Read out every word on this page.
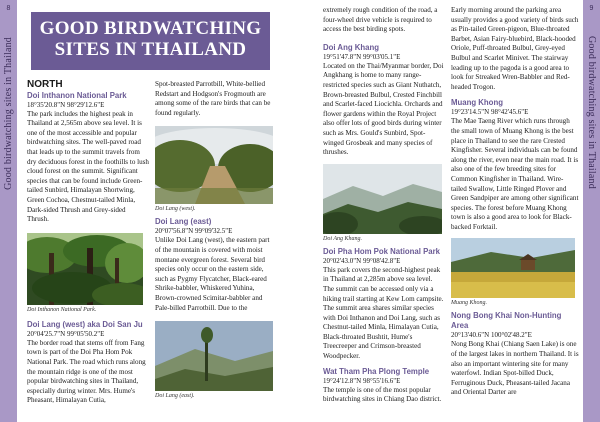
8
Good birdwatching sites in Thailand
9
Good birdwatching sites in Thailand
GOOD BIRDWATCHING SITES IN THAILAND
NORTH
Doi Inthanon National Park
18°35'20.8"N 98°29'12.6"E

The park includes the highest peak in Thailand at 2,565m above sea level. It is one of the most accessible and popular birdwatching sites. The well-paved road that leads up to the summit travels from dry deciduous forest in the foothills to lush cloud forest on the summit. Significant species that can be found include Green-tailed Sunbird, Himalayan Shortwing, Green Cochoa, Chestnut-tailed Minla, Dark-sided Thrush and Grey-sided Thrush.

Doi Inthanon National Park.
Doi Lang (west) aka Doi San Ju
20°04'25.7"N 99°05'50.2"E

The border road that stems off from Fang town is part of the Doi Pha Hom Pok National Park. The road which runs along the mountain ridge is one of the most popular birdwatching sites in Thailand, especially during winter. Mrs. Hume's Pheasant, Himalayan Cutia,

Spot-breasted Parrotbill, White-bellied Redstart and Hodgson's Frogmouth are among some of the rare birds that can be found regularly.

Doi Lang (west).
Doi Lang (east)
20°07'56.8"N 99°09'32.5"E

Unlike Doi Lang (west), the eastern part of the mountain is covered with moist montane evergreen forest. Several bird species only occur on the eastern side, such as Pygmy Flycatcher, Black-eared Shrike-babbler, Whiskered Yuhina, Brown-crowned Scimitar-babbler and Pale-billed Parrotbill. Due to the

Doi Lang (east).

extremely rough condition of the road, a four-wheel drive vehicle is required to access the best birding spots.

Doi Ang Khang
19°51'47.8"N 99°03'05.1"E

Located on the Thai/Myanmar border, Doi Angkhang is home to many range-restricted species such as Giant Nuthatch, Brown-breasted Bulbul, Crested Finchbill and Scarlet-faced Liocichla. Orchards and flower gardens within the Royal Project also offer lots of good birds during winter such as Mrs. Gould's Sunbird, Spot-winged Grosbeak and many species of thrushes.

Doi Ang Khang.
Doi Pha Hom Pok National Park
20°02'43.0"N 99°08'42.8"E

This park covers the second-highest peak in Thailand at 2,285m above sea level. The summit can be accessed only via a hiking trail starting at Kew Lom campsite. The summit area shares similar species with Doi Inthanon and Doi Lang, such as Chestnut-tailed Minla, Himalayan Cutia, Black-throated Bushtit, Hume's Treecreeper and Crimson-breasted Woodpecker.

Wat Tham Pha Plong Temple
19°24'12.8"N 98°55'16.6"E

The temple is one of the most popular birdwatching sites in Chiang Dao district.

Early morning around the parking area usually provides a good variety of birds such as Pin-tailed Green-pigeon, Blue-throated Barbet, Asian Fairy-bluebird, Black-hooded Oriole, Puff-throated Bulbul, Grey-eyed Bulbul and Scarlet Minivet. The stairway leading up to the pagoda is a good area to look for Streaked Wren-Babbler and Red-headed Trogon.

Muang Khong
19°23'14.5"N 98°42'45.6"E

The Mae Taeng River which runs through the small town of Muang Khong is the best place in Thailand to see the rare Crested Kingfisher. Several individuals can be found along the river, even near the main road. It is also one of the few breeding sites for Common Kingfisher in Thailand. Wire-tailed Swallow, Little Ringed Plover and Green Sandpiper are among other significant species. The forest before Muang Khong town is also a good area to look for Black-backed Forktail.

Muang Khong.
Nong Bong Khai Non-Hunting Area
20°13'40.6"N 100°02'48.2"E

Nong Bong Khai (Chiang Saen Lake) is one of the largest lakes in northern Thailand. It is also an important wintering site for many waterfowl. Indian Spot-billed Duck, Ferruginous Duck, Pheasant-tailed Jacana and Oriental Darter are
